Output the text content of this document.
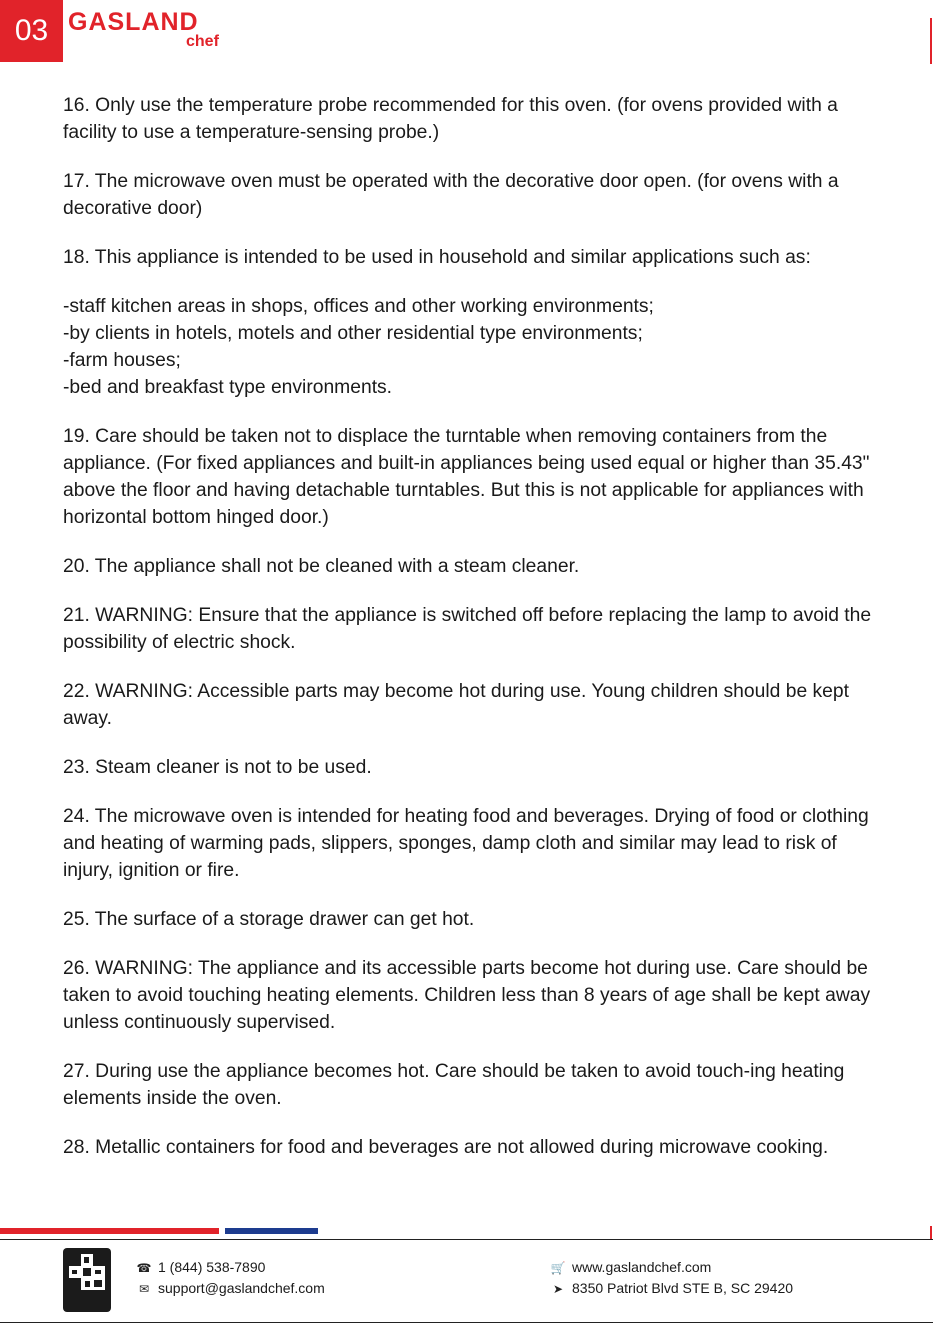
03 GASLAND
chef

16. Only use the temperature probe recommended for this oven. (for ovens provided with a facility to use a temperature-sensing probe.)

17. The microwave oven must be operated with the decorative door open. (for ovens with a decorative door)

18. This appliance is intended to be used in household and similar applications such as:

-staff kitchen areas in shops, offices and other working environments;
-by clients in hotels, motels and other residential type environments;
-farm houses;
-bed and breakfast type environments.

19. Care should be taken not to displace the turntable when removing containers from the appliance. (For fixed appliances and built-in appliances being used equal or higher than 35.43" above the floor and having detachable turntables. But this is not applicable for appliances with horizontal bottom hinged door.)

20. The appliance shall not be cleaned with a steam cleaner.

21. WARNING: Ensure that the appliance is switched off before replacing the lamp to avoid the possibility of electric shock.

22. WARNING: Accessible parts may become hot during use. Young children should be kept away.

23. Steam cleaner is not to be used.

24. The microwave oven is intended for heating food and beverages. Drying of food or clothing and heating of warming pads, slippers, sponges, damp cloth and similar may lead to risk of injury, ignition or fire.

25. The surface of a storage drawer can get hot.

26. WARNING: The appliance and its accessible parts become hot during use. Care should be taken to avoid touching heating elements. Children less than 8 years of age shall be kept away unless continuously supervised.

27. During use the appliance becomes hot. Care should be taken to avoid touch-ing heating elements inside the oven.

28. Metallic containers for food and beverages are not allowed during microwave cooking.

☎ 1 (844) 538-7890
✉ support@gaslandchef.com
🛒 www.gaslandchef.com
➤ 8350 Patriot Blvd STE B, SC 29420
